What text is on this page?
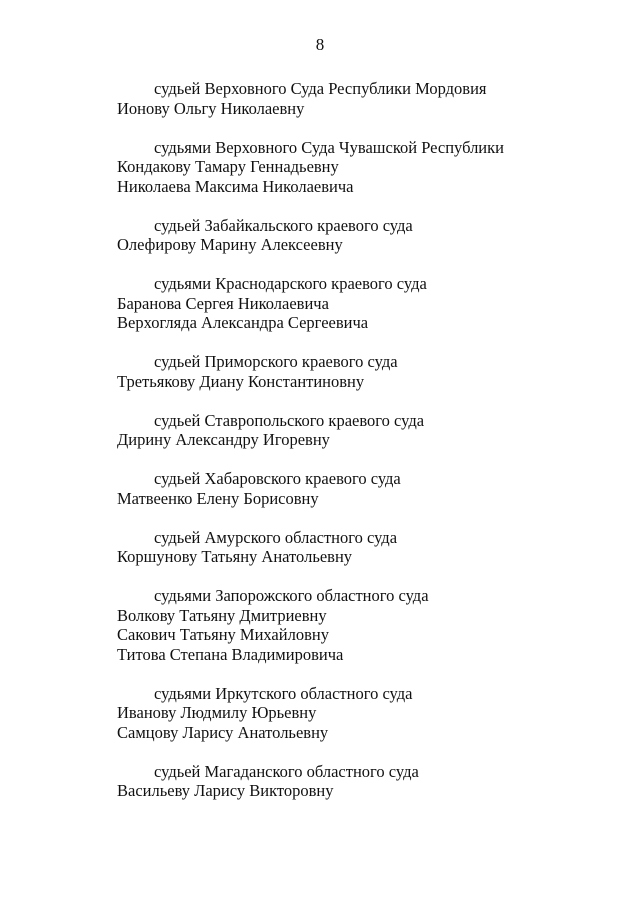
8
судьей Верховного Суда Республики Мордовия
Ионову Ольгу Николаевну
судьями Верховного Суда Чувашской Республики
Кондакову Тамару Геннадьевну
Николаева Максима Николаевича
судьей Забайкальского краевого суда
Олефирову Марину Алексеевну
судьями Краснодарского краевого суда
Баранова Сергея Николаевича
Верхогляда Александра Сергеевича
судьей Приморского краевого суда
Третьякову Диану Константиновну
судьей Ставропольского краевого суда
Дирину Александру Игоревну
судьей Хабаровского краевого суда
Матвеенко Елену Борисовну
судьей Амурского областного суда
Коршунову Татьяну Анатольевну
судьями Запорожского областного суда
Волкову Татьяну Дмитриевну
Сакович Татьяну Михайловну
Титова Степана Владимировича
судьями Иркутского областного суда
Иванову Людмилу Юрьевну
Самцову Ларису Анатольевну
судьей Магаданского областного суда
Васильеву Ларису Викторовну
